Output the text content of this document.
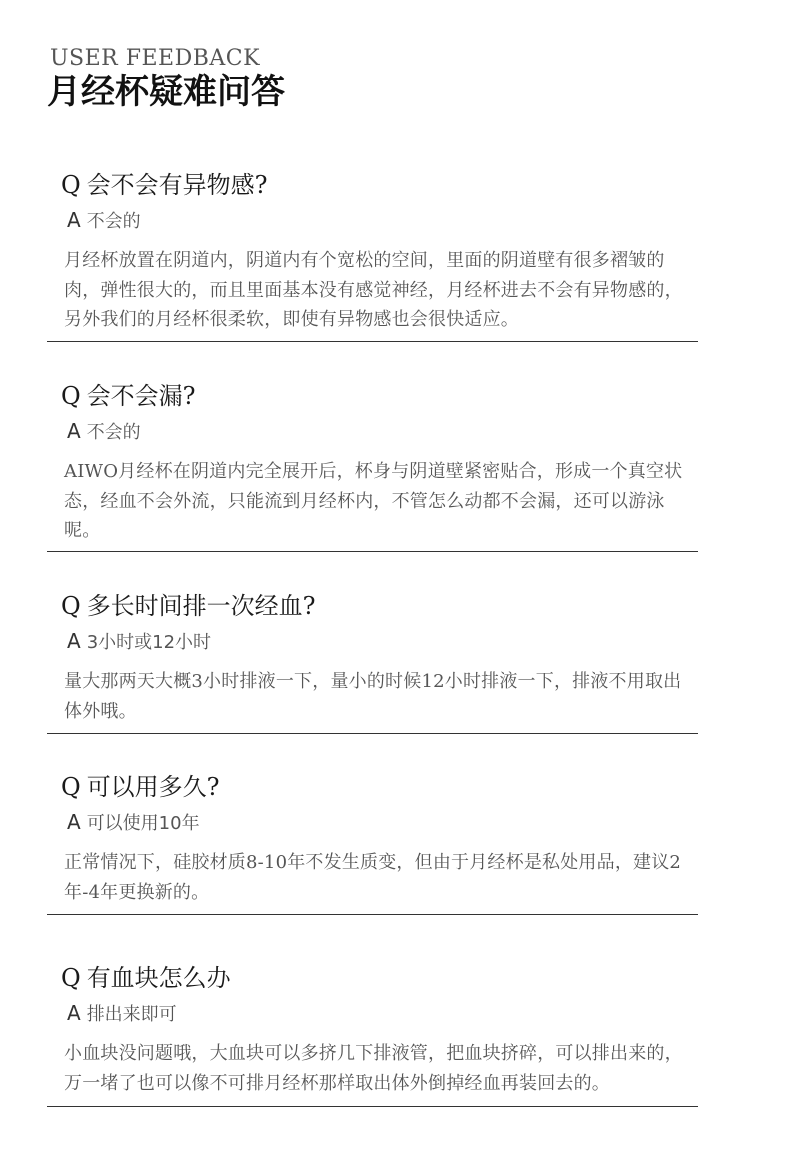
USER FEEDBACK
月经杯疑难问答
Q 会不会有异物感?
A 不会的
月经杯放置在阴道内，阴道内有个宽松的空间，里面的阴道壁有很多褶皱的肉，弹性很大的，而且里面基本没有感觉神经，月经杯进去不会有异物感的，另外我们的月经杯很柔软，即使有异物感也会很快适应。
Q 会不会漏?
A 不会的
AIWO月经杯在阴道内完全展开后，杯身与阴道壁紧密贴合，形成一个真空状态，经血不会外流，只能流到月经杯内，不管怎么动都不会漏，还可以游泳呢。
Q 多长时间排一次经血?
A 3小时或12小时
量大那两天大概3小时排液一下，量小的时候12小时排液一下，排液不用取出体外哦。
Q 可以用多久?
A 可以使用10年
正常情况下，硅胶材质8-10年不发生质变，但由于月经杯是私处用品，建议2年-4年更换新的。
Q 有血块怎么办
A 排出来即可
小血块没问题哦，大血块可以多挤几下排液管，把血块挤碎，可以排出来的，万一堵了也可以像不可排月经杯那样取出体外倒掉经血再装回去的。
